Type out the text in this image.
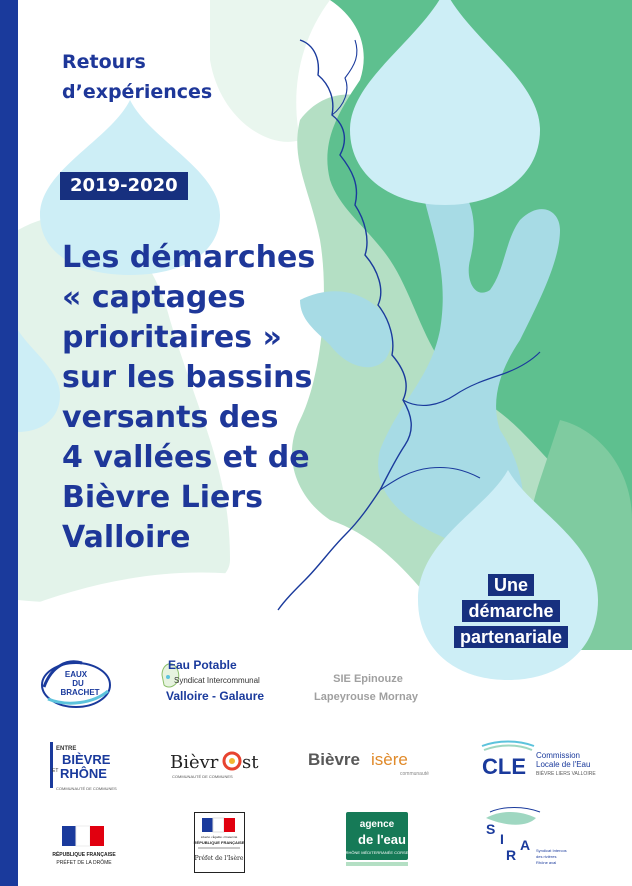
Retours
d’expériences
2019-2020
Les démarches
« captages
prioritaires »
sur les bassins
versants des
4 vallées et de
Bièvre Liers
Valloire
Une
démarche
partenariale
EAUX
DU
BRACHET
Eau Potable
Syndicat Intercommunal
Valloire - Galaure
SIE Epinouze
Lapeyrouse Mornay
ENTRE
BIÈVRE
ET RHÔNE
COMMUNAUTÉ DE COMMUNES
Bièvr st
COMMUNAUTÉ DE COMMUNES
Bièvre isère
communauté CLE Commission
Locale de l'Eau
BIÈVRE LIERS VALLOIRE
RÉPUBLIQUE FRANÇAISE
PRÉFET DE LA DRÔME
Liberté • Égalité • Fraternité
RÉPUBLIQUE FRANÇAISE
Préfet de l'Isère
agence
de l'eau
RHÔNE MÉDITERRANÉE CORSE
S
I
R
A Syndicat Intercos
des rivières
Rhône aval
